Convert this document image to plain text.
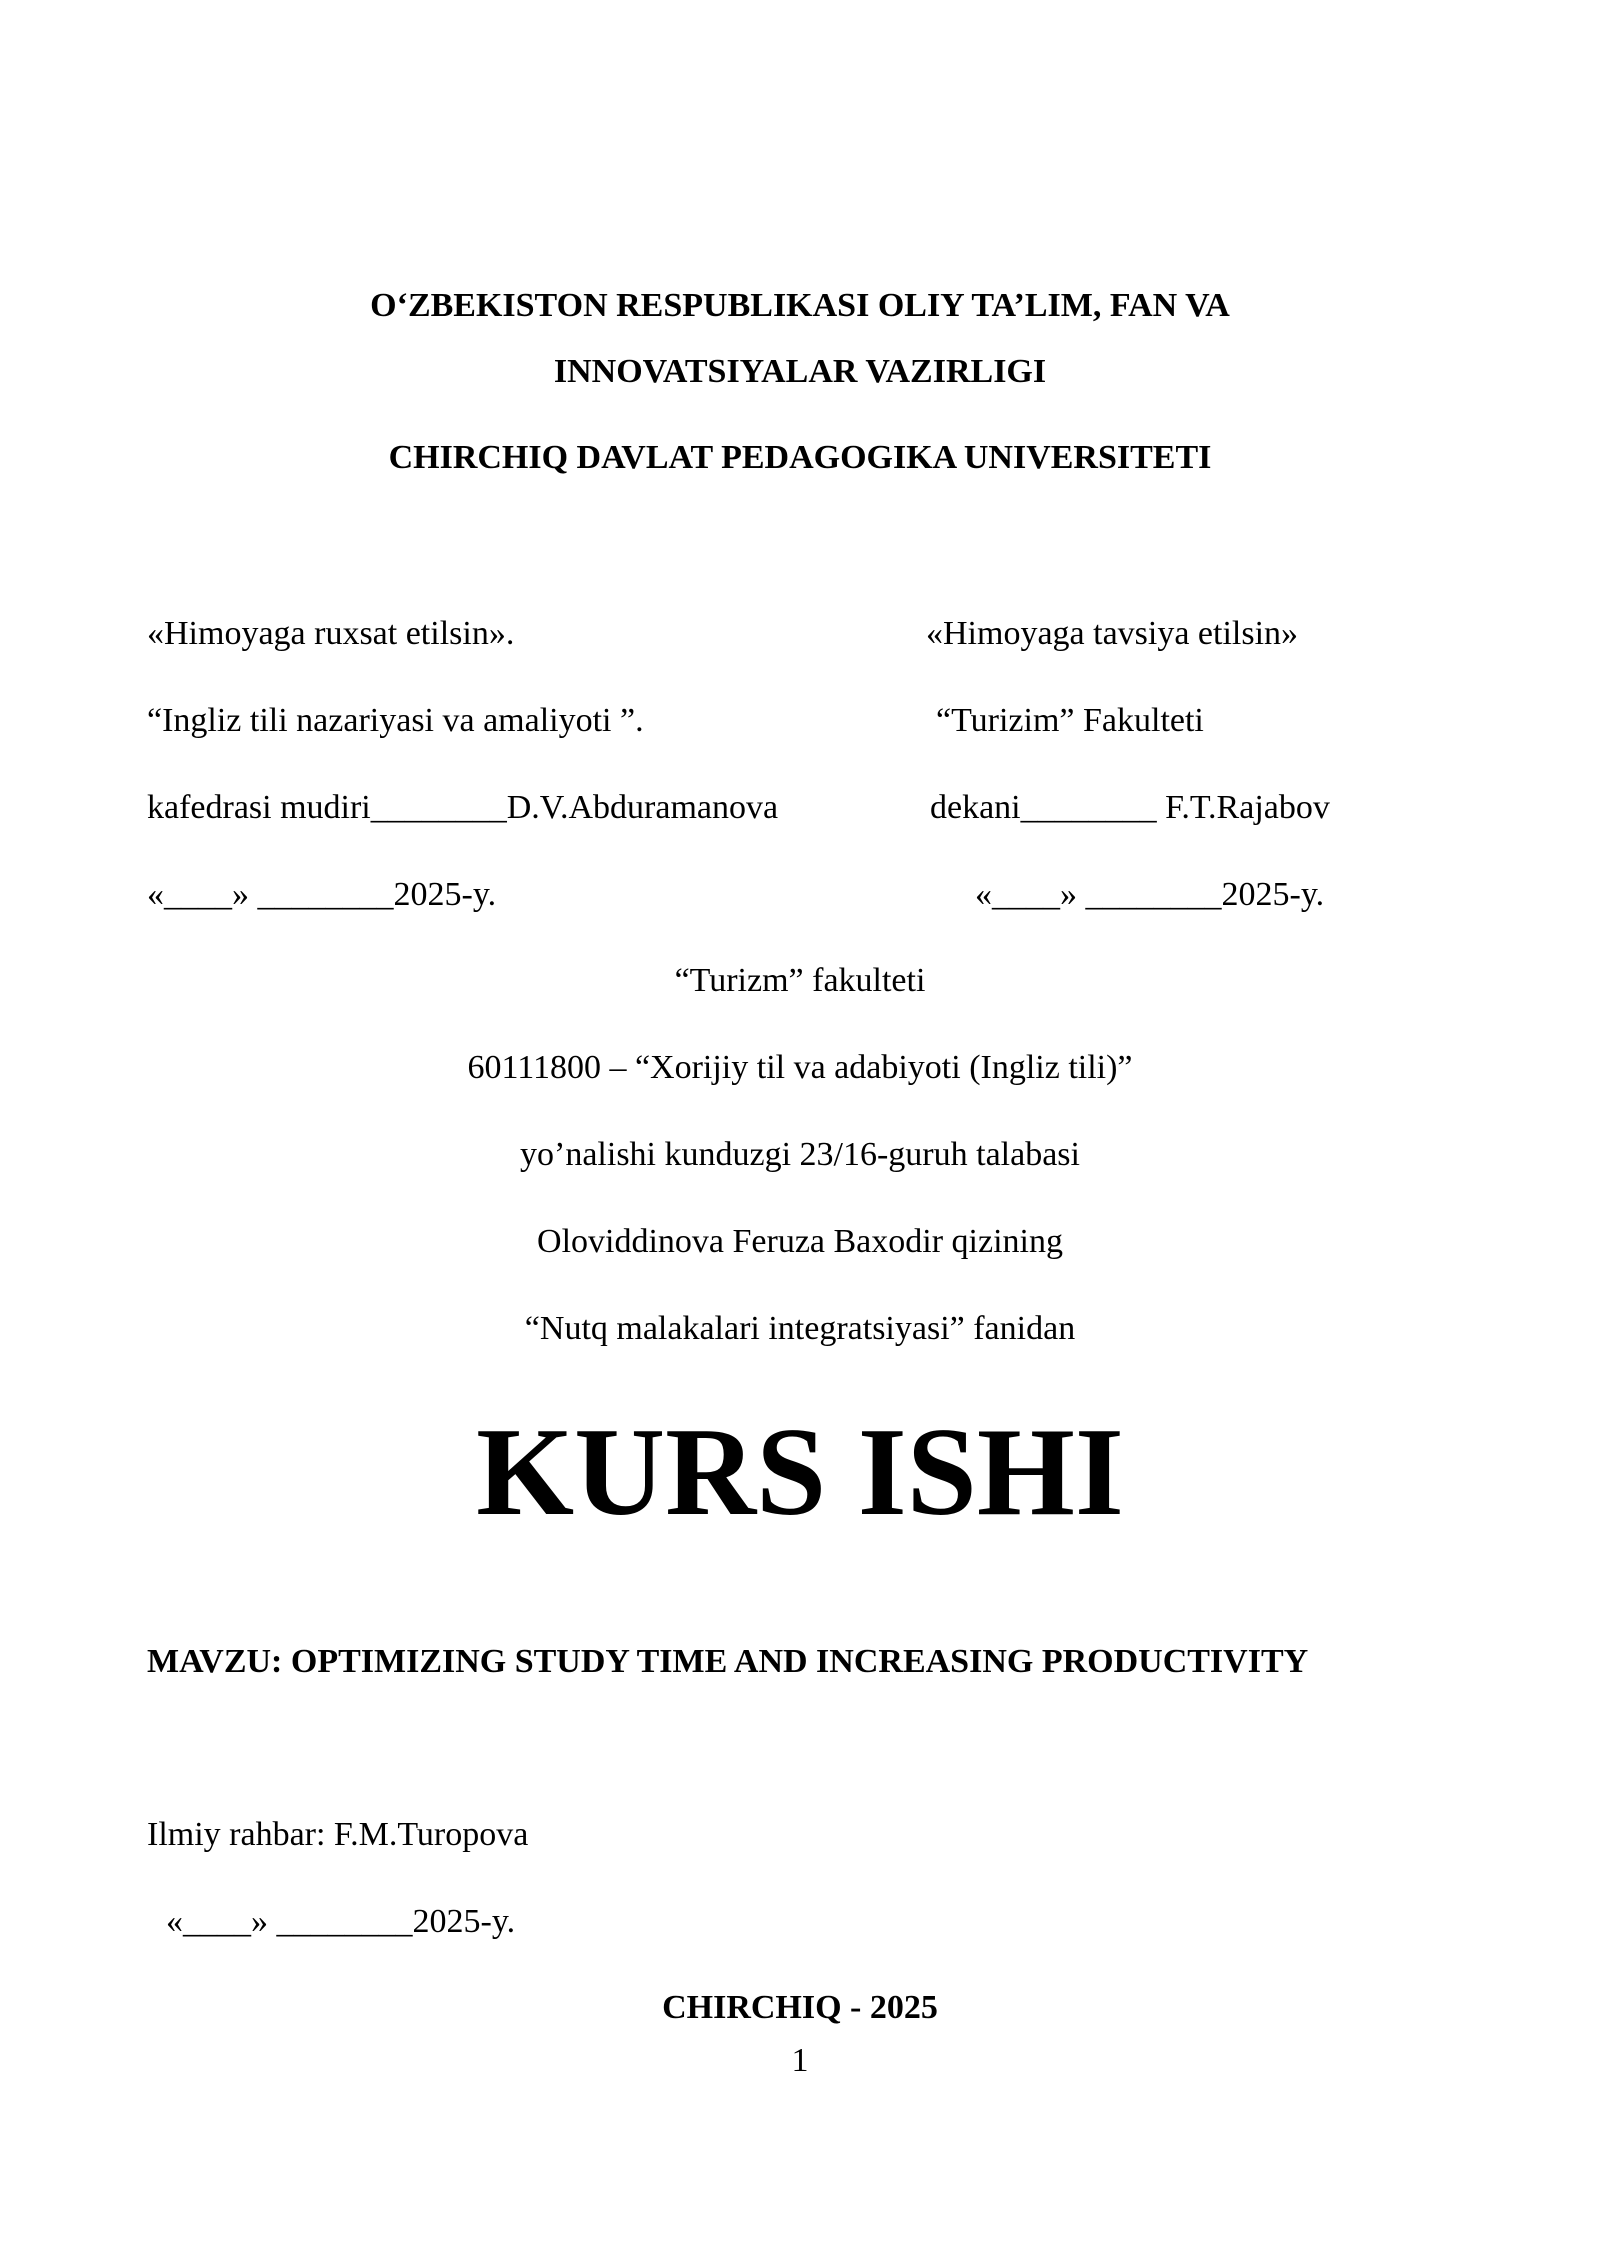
O‘ZBEKISTON RESPUBLIKASI OLIY TA’LIM, FAN VA
INNOVATSIYALAR VAZIRLIGI
CHIRCHIQ DAVLAT PEDAGOGIKA UNIVERSITETI
«Himoyaga ruxsat etilsin».
“Ingliz tili nazariyasi va amaliyoti ”.
kafedrasi mudiri________D.V.Abduramanova
«____» ________2025-y.
«Himoyaga tavsiya etilsin»
“Turizim” Fakulteti
dekani________ F.T.Rajabov
«____» ________2025-y.
“Turizm” fakulteti
60111800 – “Xorijiy til va adabiyoti (Ingliz tili)”
yo’nalishi kunduzgi 23/16-guruh talabasi
Oloviddinova Feruza Baxodir qizining
“Nutq malakalari integratsiyasi” fanidan
KURS ISHI
MAVZU: OPTIMIZING STUDY TIME AND INCREASING PRODUCTIVITY
Ilmiy rahbar: F.M.Turopova
«____» ________2025-y.
CHIRCHIQ - 2025
1
